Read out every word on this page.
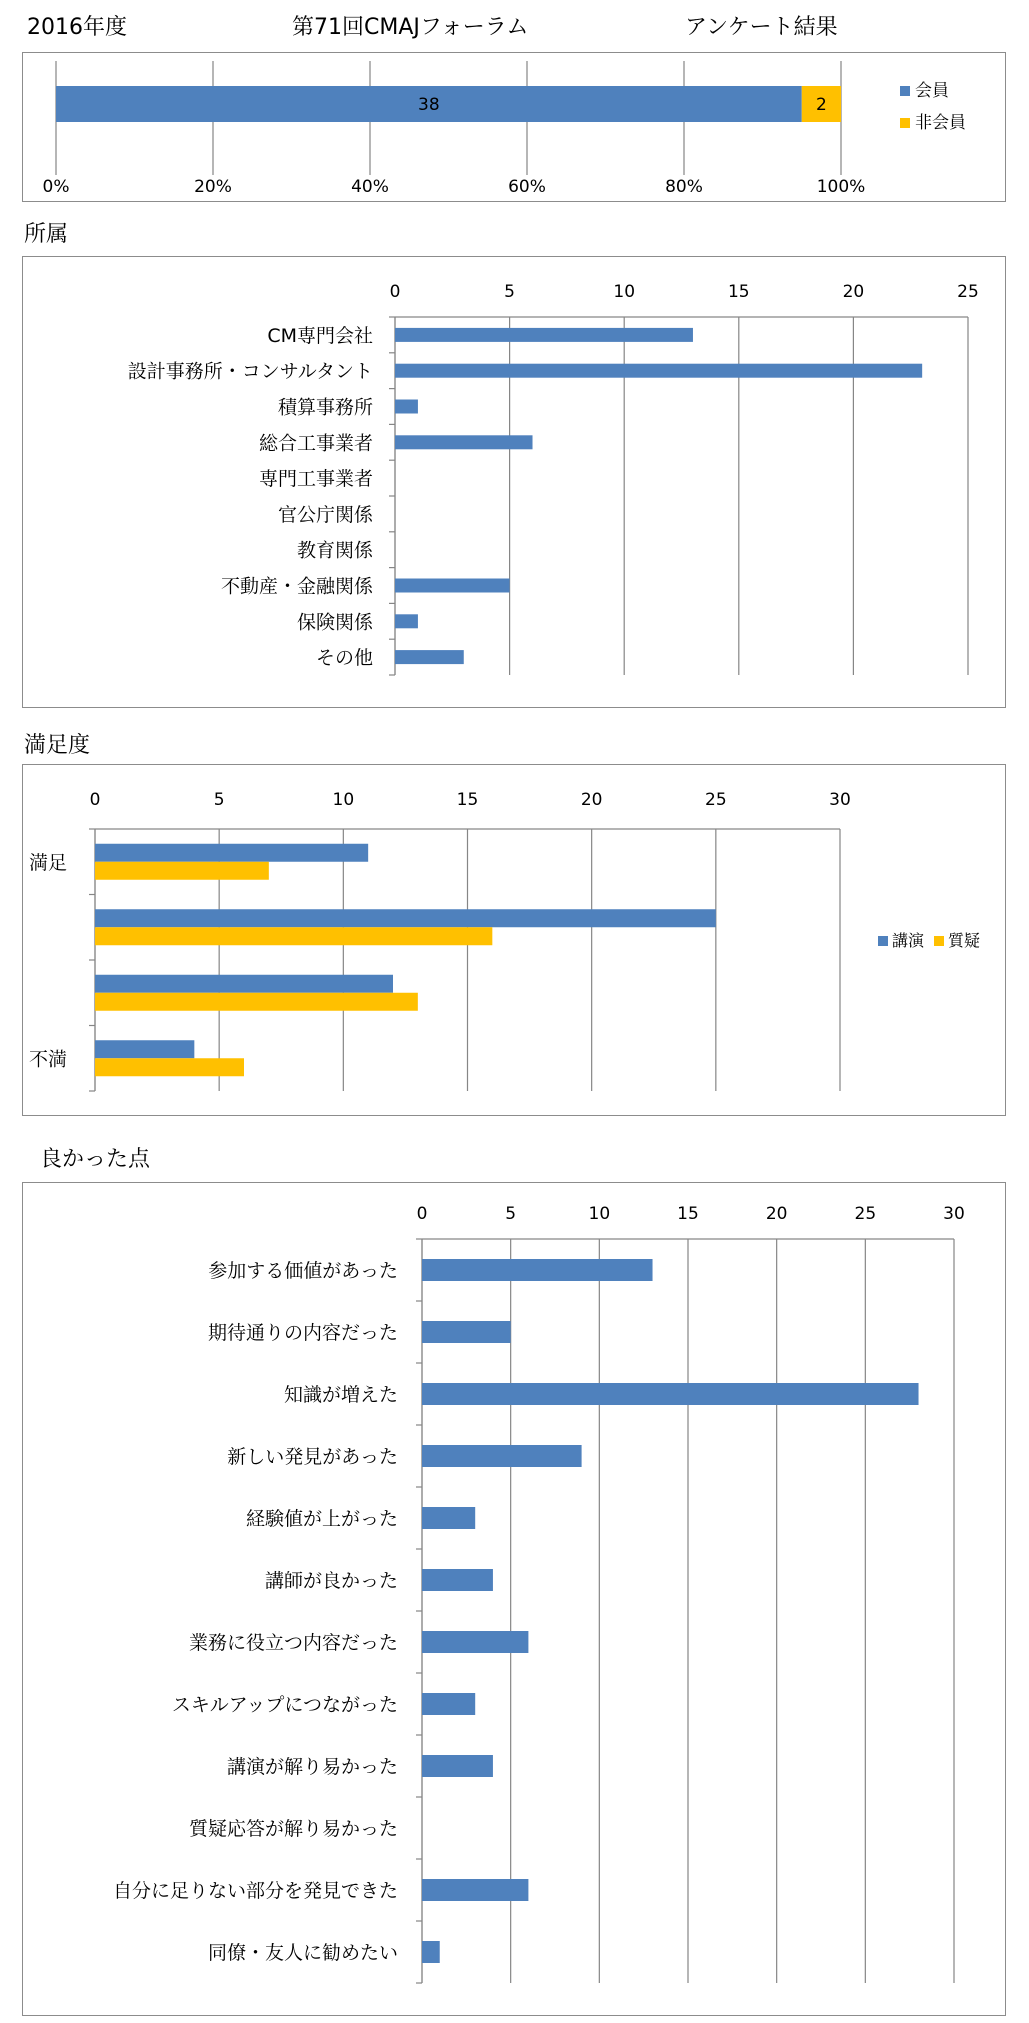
2016年度	第71回CMAJフォーラム	アンケート結果
0%	20%	40%	60%	80%	100%
38
会員
2
非会員
所属
0	5	10	15	20	25
CM専門会社
設計事務所・コンサルタント
積算事務所
総合工事業者
専門工事業者
官公庁関係
教育関係
不動産・金融関係
保険関係
その他
満足度
0	5	10	15	20	25	30
満足
不満
講演 質疑
良かった点
0	5	10	15	20	25	30
参加する価値があった
期待通りの内容だった
知識が増えた
新しい発見があった
経験値が上がった
講師が良かった
業務に役立つ内容だった
スキルアップにつながった
講演が解り易かった
質疑応答が解り易かった
自分に足りない部分を発見できた
同僚・友人に勧めたい
